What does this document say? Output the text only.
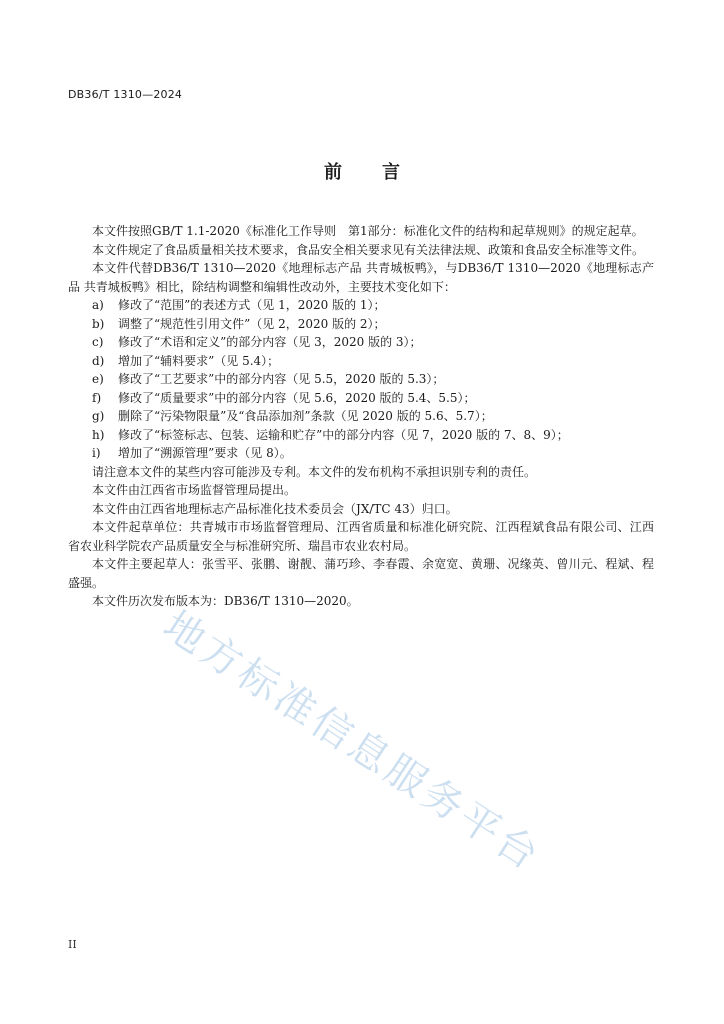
DB36/T 1310—2024
前 言

本文件按照GB/T 1.1-2020《标准化工作导则　第1部分：标准化文件的结构和起草规则》的规定起草。

本文件规定了食品质量相关技术要求，食品安全相关要求见有关法律法规、政策和食品安全标准等文件。

本文件代替DB36/T 1310—2020《地理标志产品 共青城板鸭》，与DB36/T 1310—2020《地理标志产品 共青城板鸭》相比，除结构调整和编辑性改动外，主要技术变化如下：

a)	修改了“范围”的表述方式（见 1，2020 版的 1）；
b)	调整了“规范性引用文件”（见 2，2020 版的 2）；
c)	修改了“术语和定义”的部分内容（见 3，2020 版的 3）；
d)	增加了“辅料要求”（见 5.4）；
e)	修改了“工艺要求”中的部分内容（见 5.5，2020 版的 5.3）；
f)	修改了“质量要求”中的部分内容（见 5.6，2020 版的 5.4、5.5）；
g)	删除了“污染物限量”及“食品添加剂”条款（见 2020 版的 5.6、5.7）；
h)	修改了“标签标志、包装、运输和贮存”中的部分内容（见 7，2020 版的 7、8、9）；
i)	增加了“溯源管理”要求（见 8）。

请注意本文件的某些内容可能涉及专利。本文件的发布机构不承担识别专利的责任。

本文件由江西省市场监督管理局提出。

本文件由江西省地理标志产品标准化技术委员会（JX/TC 43）归口。

本文件起草单位：共青城市市场监督管理局、江西省质量和标准化研究院、江西程斌食品有限公司、江西省农业科学院农产品质量安全与标准研究所、瑞昌市农业农村局。

本文件主要起草人：张雪平、张鹏、谢靓、蒲巧珍、李春霞、余宽宽、黄珊、况缘英、曾川元、程斌、程盛强。

本文件历次发布版本为：DB36/T 1310—2020。

地方标准信息服务平台
II
